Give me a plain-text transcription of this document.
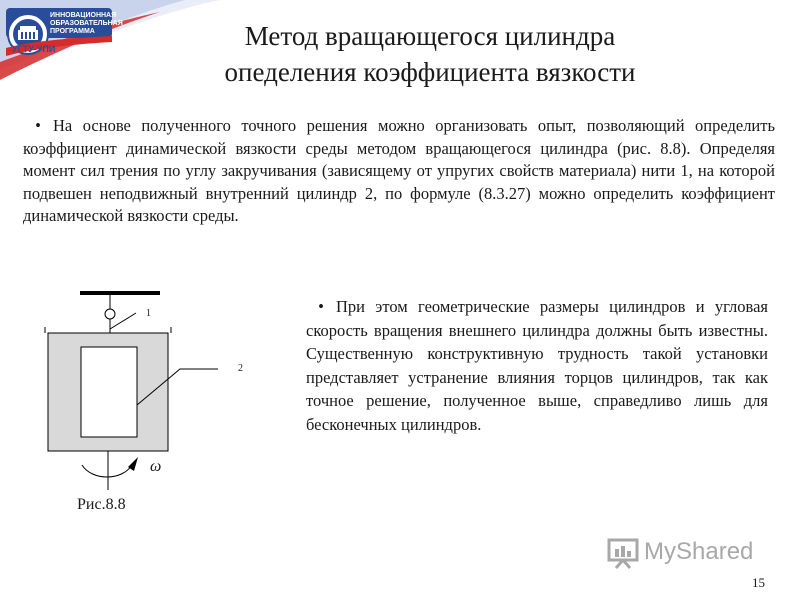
ИННОВАЦИОННАЯ
ОБРАЗОВАТЕЛЬНАЯ
ПРОГРАММА
УГТУ-УПИ	Метод вращающегося цилиндра
опеделения коэффициента вязкости
• На основе полученного точного решения можно организовать опыт, позволяющий определить коэффициент динамической вязкости среды методом вращающегося цилиндра (рис. 8.8). Определяя момент сил трения по углу закручивания (зависящему от упругих свойств материала) нити 1, на которой подвешен неподвижный внутренний цилиндр 2, по формуле (8.3.27) можно определить коэффициент динамической вязкости среды.
1
2
ω
Рис.8.8
• При этом геометрические размеры цилиндров и угловая скорость вращения внешнего цилиндра должны быть известны. Существенную конструктивную трудность такой установки представляет устранение влияния торцов цилиндров, так как точное решение, полученное выше, справедливо лишь для бесконечных цилиндров.
MyShared
15
